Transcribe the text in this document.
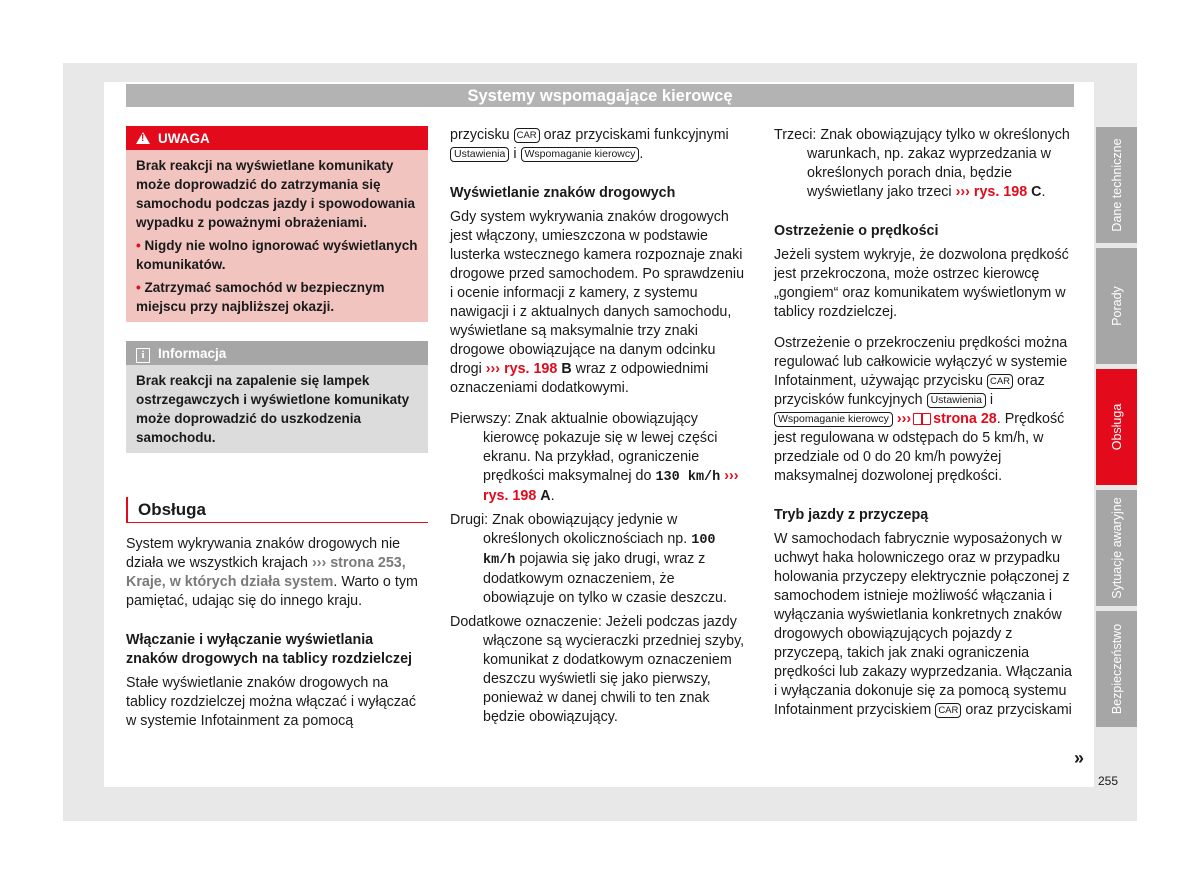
Systemy wspomagające kierowcę
!UWAGA

Brak reakcji na wyświetlane komunikaty może doprowadzić do zatrzymania się samochodu podczas jazdy i spowodowania wypadku z poważnymi obrażeniami.

• Nigdy nie wolno ignorować wyświetlanych komunikatów.

• Zatrzymać samochód w bezpiecznym miejscu przy najbliższej okazji.

i Informacja

Brak reakcji na zapalenie się lampek ostrzegawczych i wyświetlone komunikaty może doprowadzić do uszkodzenia samochodu.

Obsługa

System wykrywania znaków drogowych nie działa we wszystkich krajach ››› strona 253, Kraje, w których działa system. Warto o tym pamiętać, udając się do innego kraju.

Włączanie i wyłączanie wyświetlania znaków drogowych na tablicy rozdzielczej

Stałe wyświetlanie znaków drogowych na tablicy rozdzielczej można włączać i wyłączać w systemie Infotainment za pomocą

przycisku CAR oraz przyciskami funkcyjnymi Ustawienia i Wspomaganie kierowcy .

Wyświetlanie znaków drogowych

Gdy system wykrywania znaków drogowych jest włączony, umieszczona w podstawie lusterka wstecznego kamera rozpoznaje znaki drogowe przed samochodem. Po sprawdzeniu i ocenie informacji z kamery, z systemu nawigacji i z aktualnych danych samochodu, wyświetlane są maksymalnie trzy znaki drogowe obowiązujące na danym odcinku drogi ››› rys. 198 B wraz z odpowiednimi oznaczeniami dodatkowymi.

Pierwszy: Znak aktualnie obowiązujący kierowcę pokazuje się w lewej części ekranu. Na przykład, ograniczenie prędkości maksymalnej do 130 km/h ››› rys. 198 A.

Drugi: Znak obowiązujący jedynie w określonych okolicznościach np. 100 km/h pojawia się jako drugi, wraz z dodatkowym oznaczeniem, że obowiązuje on tylko w czasie deszczu.

Dodatkowe oznaczenie: Jeżeli podczas jazdy włączone są wycieraczki przedniej szyby, komunikat z dodatkowym oznaczeniem deszczu wyświetli się jako pierwszy, ponieważ w danej chwili to ten znak będzie obowiązujący.

Trzeci: Znak obowiązujący tylko w określonych warunkach, np. zakaz wyprzedzania w określonych porach dnia, będzie wyświetlany jako trzeci ››› rys. 198 C.

Ostrzeżenie o prędkości

Jeżeli system wykryje, że dozwolona prędkość jest przekroczona, może ostrzec kierowcę „gongiem“ oraz komunikatem wyświetlonym w tablicy rozdzielczej.

Ostrzeżenie o przekroczeniu prędkości można regulować lub całkowicie wyłączyć w systemie Infotainment, używając przycisku CAR oraz przycisków funkcyjnych Ustawienia i Wspomaganie kierowcy ››› strona 28. Prędkość jest regulowana w odstępach do 5 km/h, w przedziale od 0 do 20 km/h powyżej maksymalnej dozwolonej prędkości.

Tryb jazdy z przyczepą

W samochodach fabrycznie wyposażonych w uchwyt haka holowniczego oraz w przypadku holowania przyczepy elektrycznie połączonej z samochodem istnieje możliwość włączania i wyłączania wyświetlania konkretnych znaków drogowych obowiązujących pojazdy z przyczepą, takich jak znaki ograniczenia prędkości lub zakazy wyprzedzania. Włączania i wyłączania dokonuje się za pomocą systemu Infotainment przyciskiem CAR oraz przyciskami

»
Dane techniczne
Porady
Obsługa
Sytuacje awaryjne
Bezpieczeństwo
255
